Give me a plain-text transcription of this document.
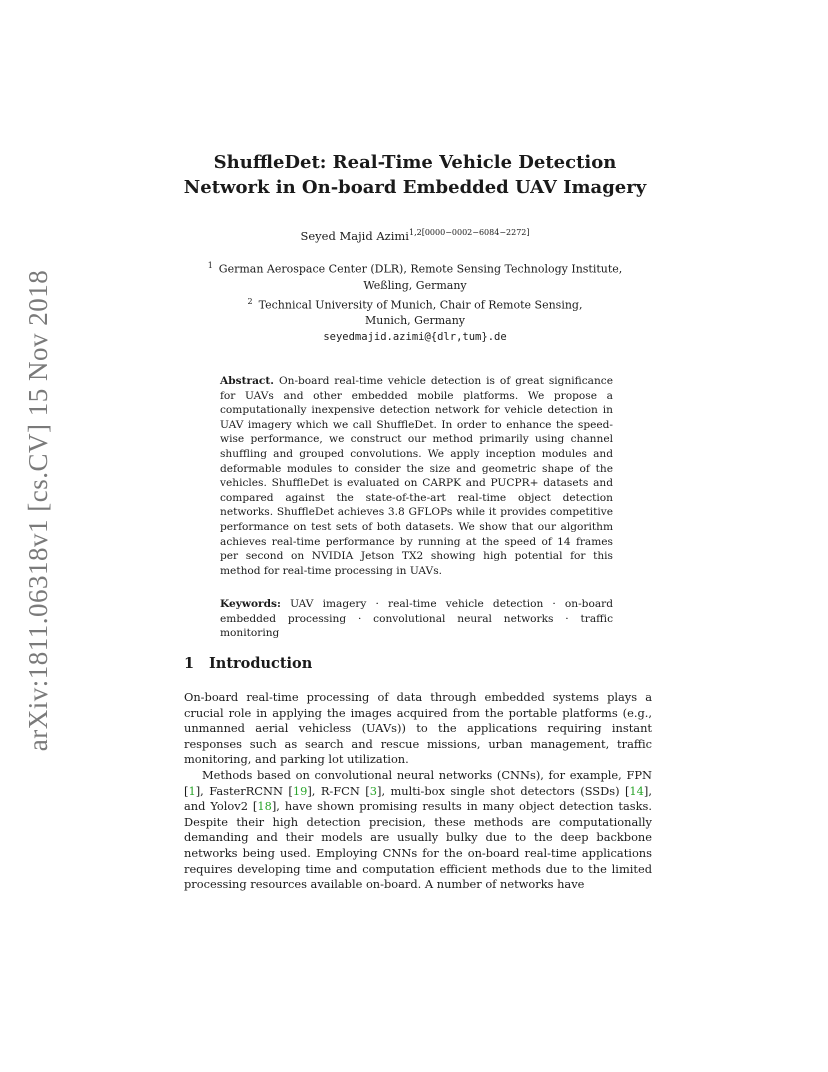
arXiv:1811.06318v1 [cs.CV] 15 Nov 2018
ShuffleDet: Real-Time Vehicle Detection
Network in On-board Embedded UAV Imagery
Seyed Majid Azimi$^{1,2[0000-0002-6084-2272]}$
$^1$ German Aerospace Center (DLR), Remote Sensing Technology Institute,
Weßling, Germany
$^2$ Technical University of Munich, Chair of Remote Sensing,
Munich, Germany
seyedmajid.azimi@{dlr,tum}.de

Abstract. On-board real-time vehicle detection is of great significance for UAVs and other embedded mobile platforms. We propose a computationally inexpensive detection network for vehicle detection in UAV imagery which we call ShuffleDet. In order to enhance the speed-wise performance, we construct our method primarily using channel shuffling and grouped convolutions. We apply inception modules and deformable modules to consider the size and geometric shape of the vehicles. ShuffleDet is evaluated on CARPK and PUCPR+ datasets and compared against the state-of-the-art real-time object detection networks. ShuffleDet achieves 3.8 GFLOPs while it provides competitive performance on test sets of both datasets. We show that our algorithm achieves real-time performance by running at the speed of 14 frames per second on NVIDIA Jetson TX2 showing high potential for this method for real-time processing in UAVs.

Keywords: UAV imagery · real-time vehicle detection · on-board embedded processing · convolutional neural networks · traffic monitoring

1 Introduction

On-board real-time processing of data through embedded systems plays a crucial role in applying the images acquired from the portable platforms (e.g., unmanned aerial vehicless (UAVs)) to the applications requiring instant responses such as search and rescue missions, urban management, traffic monitoring, and parking lot utilization.

Methods based on convolutional neural networks (CNNs), for example, FPN [1], FasterRCNN [19], R-FCN [3], multi-box single shot detectors (SSDs) [14], and Yolov2 [18], have shown promising results in many object detection tasks. Despite their high detection precision, these methods are computationally demanding and their models are usually bulky due to the deep backbone networks being used. Employing CNNs for the on-board real-time applications requires developing time and computation efficient methods due to the limited processing resources available on-board. A number of networks have
